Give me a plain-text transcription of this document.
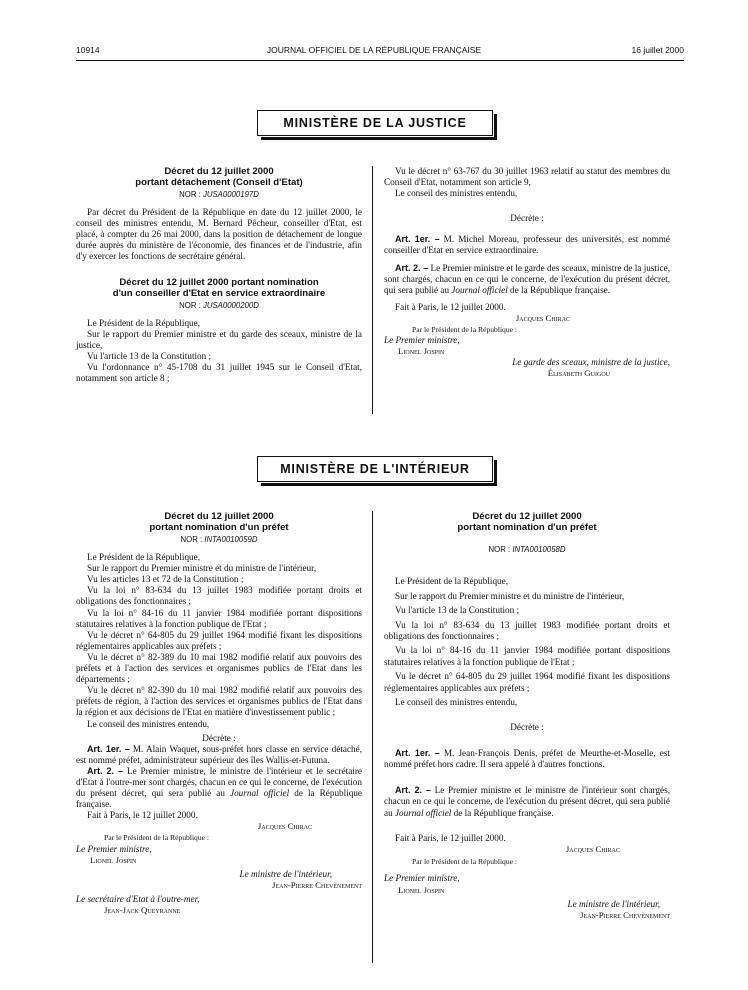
10914	JOURNAL OFFICIEL DE LA RÉPUBLIQUE FRANÇAISE	16 juillet 2000
MINISTÈRE DE LA JUSTICE
Décret du 12 juillet 2000
portant détachement (Conseil d'Etat)
NOR : JUSA0000197D

Par décret du Président de la République en date du 12 juillet 2000, le conseil des ministres entendu, M. Bernard Pêcheur, conseiller d'Etat, est placé, à compter du 26 mai 2000, dans la position de détachement de longue durée auprès du ministère de l'économie, des finances et de l'industrie, afin d'y exercer les fonctions de secrétaire général.

Décret du 12 juillet 2000 portant nomination
d'un conseiller d'Etat en service extraordinaire
NOR : JUSA0000200D

Le Président de la République,

Sur le rapport du Premier ministre et du garde des sceaux, ministre de la justice,

Vu l'article 13 de la Constitution ;

Vu l'ordonnance n° 45-1708 du 31 juillet 1945 sur le Conseil d'Etat, notamment son article 8 ;

Vu le décret n° 63-767 du 30 juillet 1963 relatif au statut des membres du Conseil d'Etat, notamment son article 9,

Le conseil des ministres entendu,

Décrète :

Art. 1er. – M. Michel Moreau, professeur des universités, est nommé conseiller d'Etat en service extraordinaire.

Art. 2. – Le Premier ministre et le garde des sceaux, ministre de la justice, sont chargés, chacun en ce qui le concerne, de l'exécution du présent décret, qui sera publié au Journal officiel de la République française.

Fait à Paris, le 12 juillet 2000.

Jacques Chirac

Par le Président de la République :

Le Premier ministre,

Lionel Jospin

Le garde des sceaux, ministre de la justice,

Élisabeth Guigou

MINISTÈRE DE L'INTÉRIEUR
Décret du 12 juillet 2000
portant nomination d'un préfet
NOR : INTA0010059D

Le Président de la République,

Sur le rapport du Premier ministre et du ministre de l'intérieur,

Vu les articles 13 et 72 de la Constitution ;

Vu la loi n° 83-634 du 13 juillet 1983 modifiée portant droits et obligations des fonctionnaires ;

Vu la loi n° 84-16 du 11 janvier 1984 modifiée portant dispositions statutaires relatives à la fonction publique de l'Etat ;

Vu le décret n° 64-805 du 29 juillet 1964 modifié fixant les dispositions réglementaires applicables aux préfets ;

Vu le décret n° 82-389 du 10 mai 1982 modifié relatif aux pouvoirs des préfets et à l'action des services et organismes publics de l'Etat dans les départements ;

Vu le décret n° 82-390 du 10 mai 1982 modifié relatif aux pouvoirs des préfets de région, à l'action des services et organismes publics de l'Etat dans la région et aux décisions de l'Etat en matière d'investissement public ;

Le conseil des ministres entendu,

Décrète :

Art. 1er. – M. Alain Waquet, sous-préfet hors classe en service détaché, est nommé préfet, administrateur supérieur des îles Wallis-et-Futuna.

Art. 2. – Le Premier ministre, le ministre de l'intérieur et le secrétaire d'Etat à l'outre-mer sont chargés, chacun en ce qui le concerne, de l'exécution du présent décret, qui sera publié au Journal officiel de la République française.

Fait à Paris, le 12 juillet 2000.

Jacques Chirac

Par le Président de la République :

Le Premier ministre,

Lionel Jospin

Le ministre de l'intérieur,

Jean-Pierre Chevènement

Le secrétaire d'Etat à l'outre-mer,

Jean-Jack Queyranne

Décret du 12 juillet 2000
portant nomination d'un préfet
NOR : INTA0010058D

Le Président de la République,

Sur le rapport du Premier ministre et du ministre de l'intérieur,

Vu l'article 13 de la Constitution ;

Vu la loi n° 83-634 du 13 juillet 1983 modifiée portant droits et obligations des fonctionnaires ;

Vu la loi n° 84-16 du 11 janvier 1984 modifiée portant dispositions statutaires relatives à la fonction publique de l'Etat ;

Vu le décret n° 64-805 du 29 juillet 1964 modifié fixant les dispositions réglementaires applicables aux préfets ;

Le conseil des ministres entendu,

Décrète :

Art. 1er. – M. Jean-François Denis, préfet de Meurthe-et-Moselle, est nommé préfet hors cadre. Il sera appelé à d'autres fonctions.

Art. 2. – Le Premier ministre et le ministre de l'intérieur sont chargés, chacun en ce qui le concerne, de l'exécution du présent décret, qui sera publié au Journal officiel de la République française.

Fait à Paris, le 12 juillet 2000.

Jacques Chirac

Par le Président de la République :

Le Premier ministre,

Lionel Jospin

Le ministre de l'intérieur,

Jean-Pierre Chevènement
